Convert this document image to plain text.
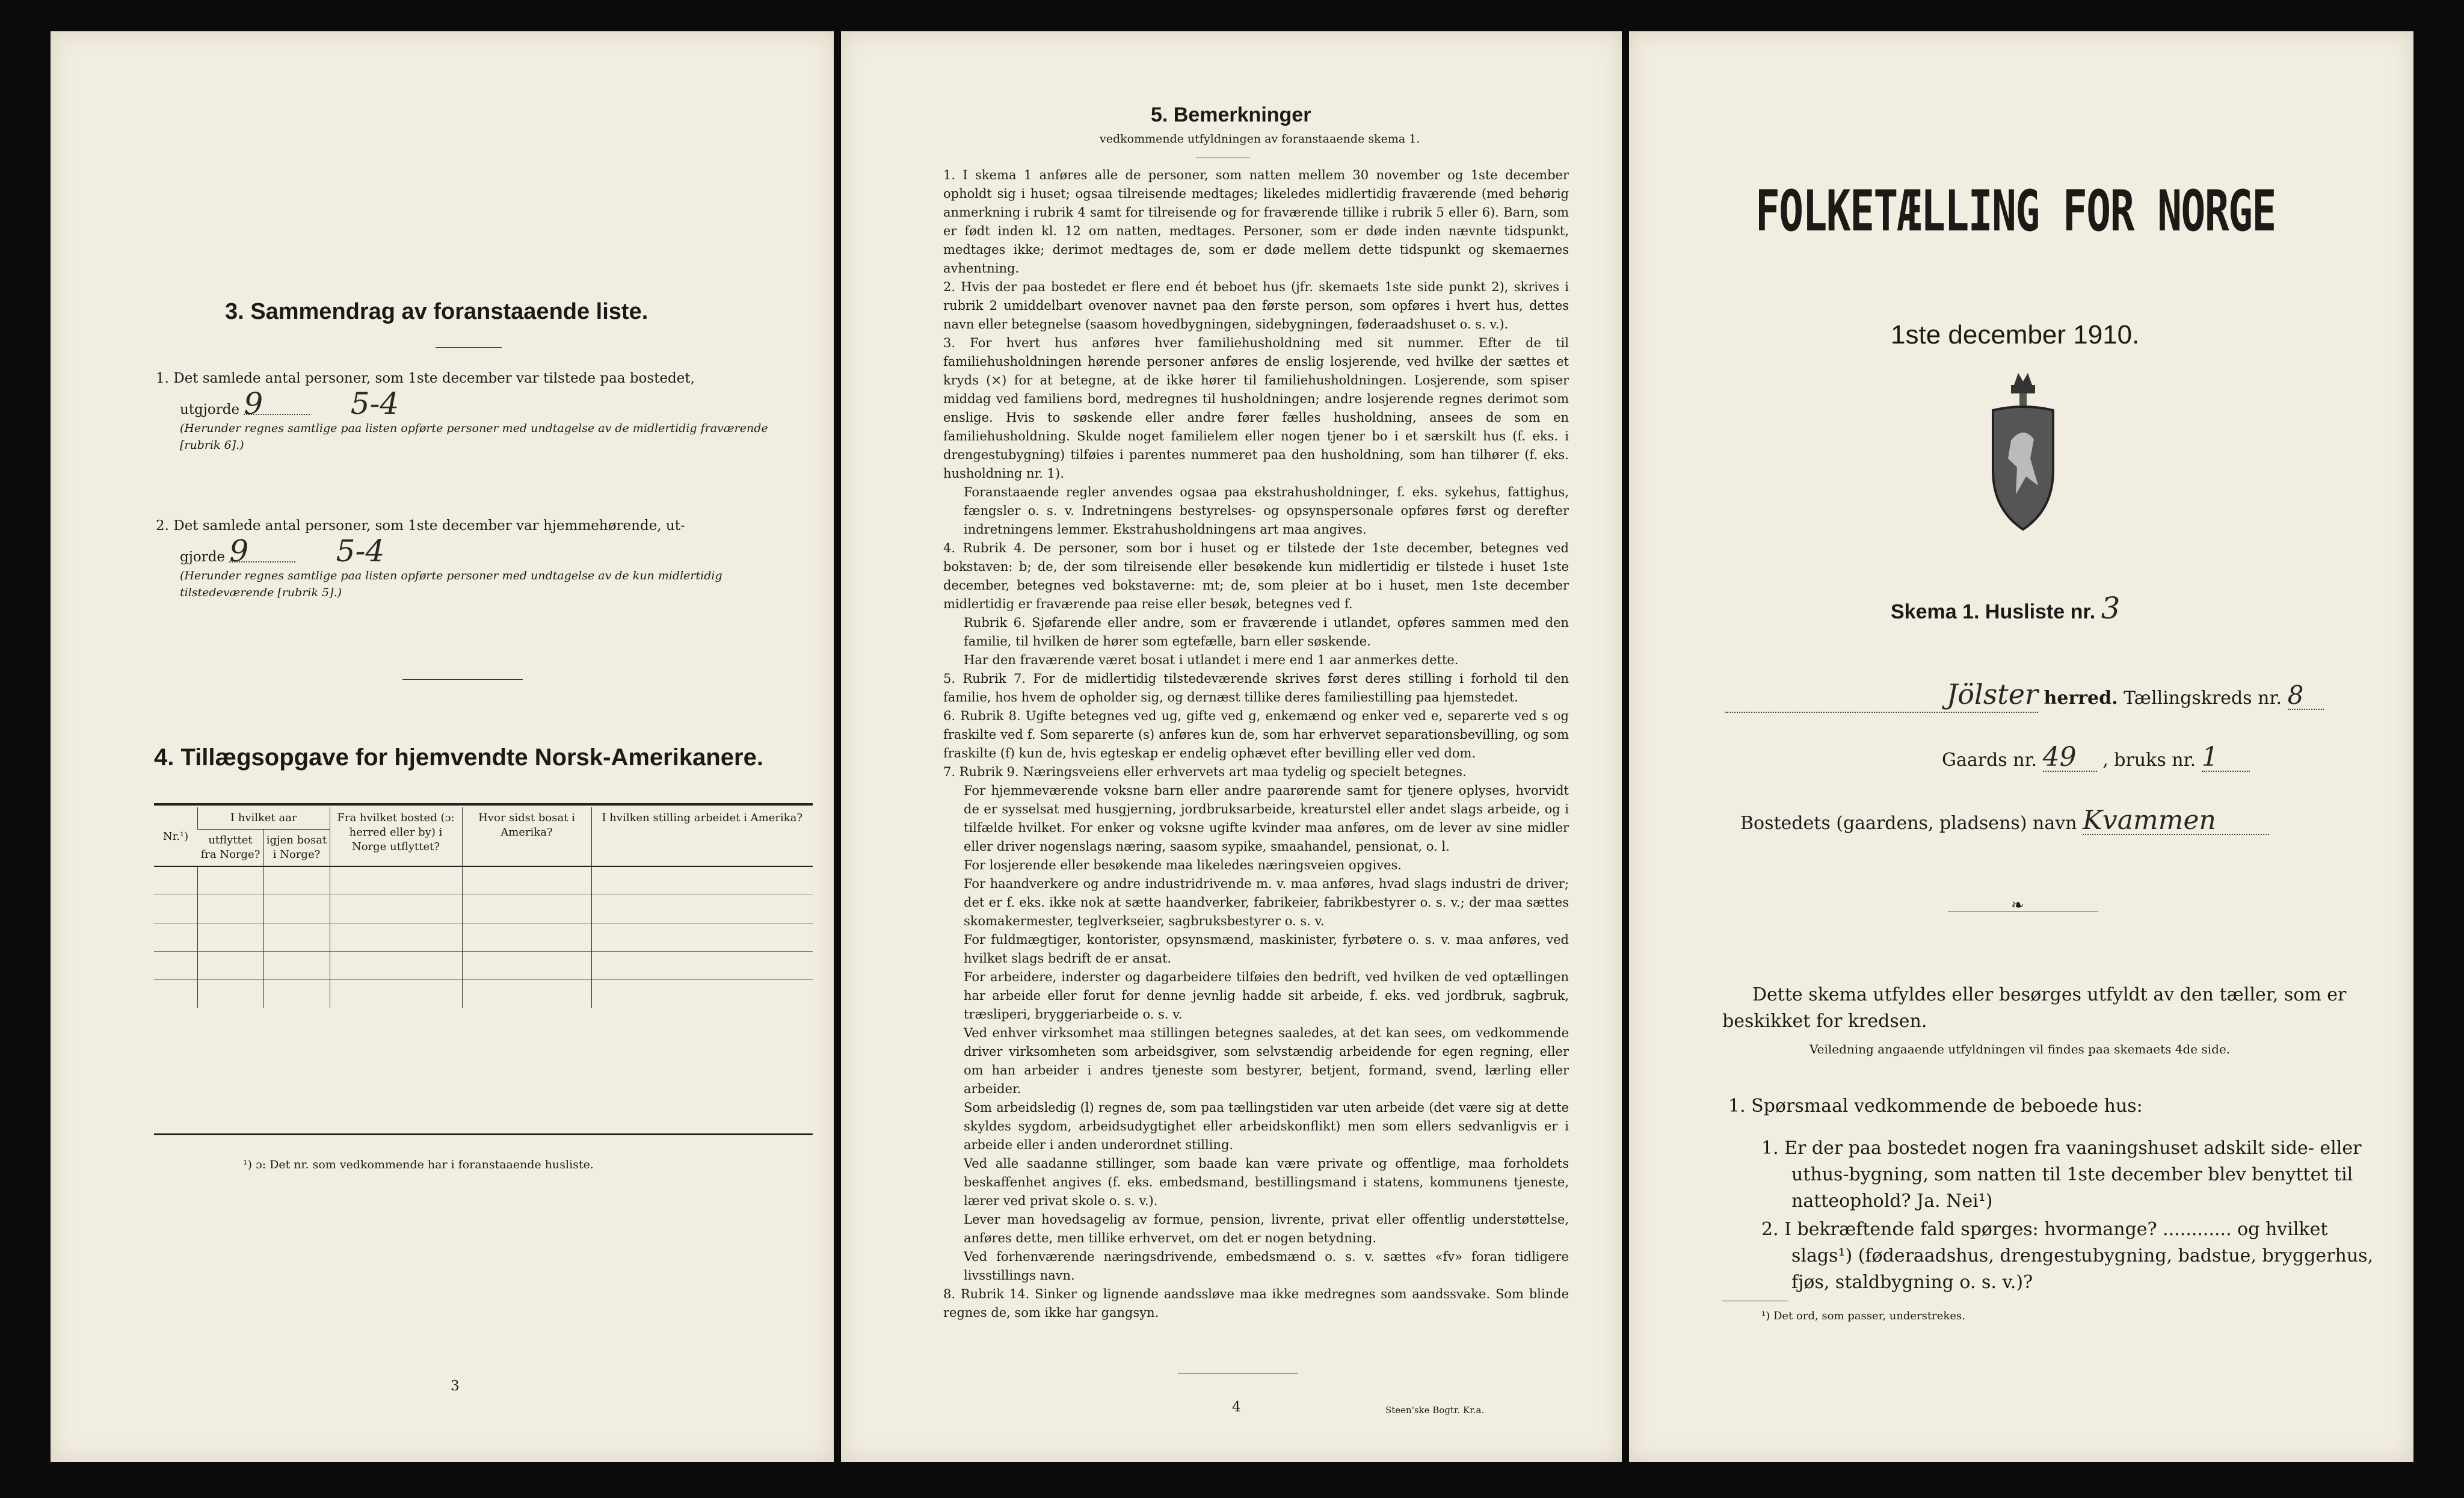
3. Sammendrag av foranstaaende liste.
1. Det samlede antal personer, som 1ste december var tilstede paa bostedet,
utgjorde 9	5-4
(Herunder regnes samtlige paa listen opførte personer med undtagelse av de midlertidig fraværende [rubrik 6].)
2. Det samlede antal personer, som 1ste december var hjemmehørende, ut-
gjorde 9	5-4
(Herunder regnes samtlige paa listen opførte personer med undtagelse av de kun midlertidig tilstedeværende [rubrik 5].)
4. Tillægsopgave for hjemvendte Norsk-Amerikanere.
Nr.¹)	I hvilket aar		Fra hvilket bosted (ɔ: herred eller by) i Norge utflyttet?	Hvor sidst bosat i Amerika?	I hvilken stilling arbeidet i Amerika?
	utflyttet fra Norge?	igjen bosat i Norge?			

¹) ɔ: Det nr. som vedkommende har i foranstaaende husliste.
3
5. Bemerkninger
vedkommende utfyldningen av foranstaaende skema 1.

1. I skema 1 anføres alle de personer, som natten mellem 30 november og 1ste december opholdt sig i huset; ogsaa tilreisende medtages; likeledes midlertidig fraværende (med behørig anmerkning i rubrik 4 samt for tilreisende og for fraværende tillike i rubrik 5 eller 6). Barn, som er født inden kl. 12 om natten, medtages. Personer, som er døde inden nævnte tidspunkt, medtages ikke; derimot medtages de, som er døde mellem dette tidspunkt og skemaernes avhentning.

2. Hvis der paa bostedet er flere end ét beboet hus (jfr. skemaets 1ste side punkt 2), skrives i rubrik 2 umiddelbart ovenover navnet paa den første person, som opføres i hvert hus, dettes navn eller betegnelse (saasom hovedbygningen, sidebygningen, føderaadshuset o. s. v.).

3. For hvert hus anføres hver familiehusholdning med sit nummer. Efter de til familiehusholdningen hørende personer anføres de enslig losjerende, ved hvilke der sættes et kryds (×) for at betegne, at de ikke hører til familiehusholdningen. Losjerende, som spiser middag ved familiens bord, medregnes til husholdningen; andre losjerende regnes derimot som enslige. Hvis to søskende eller andre fører fælles husholdning, ansees de som en familiehusholdning. Skulde noget familielem eller nogen tjener bo i et særskilt hus (f. eks. i drengestubygning) tilføies i parentes nummeret paa den husholdning, som han tilhører (f. eks. husholdning nr. 1).

Foranstaaende regler anvendes ogsaa paa ekstrahusholdninger, f. eks. sykehus, fattighus, fængsler o. s. v. Indretningens bestyrelses- og opsynspersonale opføres først og derefter indretningens lemmer. Ekstrahusholdningens art maa angives.

4. Rubrik 4. De personer, som bor i huset og er tilstede der 1ste december, betegnes ved bokstaven: b; de, der som tilreisende eller besøkende kun midlertidig er tilstede i huset 1ste december, betegnes ved bokstaverne: mt; de, som pleier at bo i huset, men 1ste december midlertidig er fraværende paa reise eller besøk, betegnes ved f.

Rubrik 6. Sjøfarende eller andre, som er fraværende i utlandet, opføres sammen med den familie, til hvilken de hører som egtefælle, barn eller søskende.

Har den fraværende været bosat i utlandet i mere end 1 aar anmerkes dette.

5. Rubrik 7. For de midlertidig tilstedeværende skrives først deres stilling i forhold til den familie, hos hvem de opholder sig, og dernæst tillike deres familiestilling paa hjemstedet.

6. Rubrik 8. Ugifte betegnes ved ug, gifte ved g, enkemænd og enker ved e, separerte ved s og fraskilte ved f. Som separerte (s) anføres kun de, som har erhvervet separationsbevilling, og som fraskilte (f) kun de, hvis egteskap er endelig ophævet efter bevilling eller ved dom.

7. Rubrik 9. Næringsveiens eller erhvervets art maa tydelig og specielt betegnes.

For hjemmeværende voksne barn eller andre paarørende samt for tjenere oplyses, hvorvidt de er sysselsat med husgjerning, jordbruksarbeide, kreaturstel eller andet slags arbeide, og i tilfælde hvilket. For enker og voksne ugifte kvinder maa anføres, om de lever av sine midler eller driver nogenslags næring, saasom sypike, smaahandel, pensionat, o. l.

For losjerende eller besøkende maa likeledes næringsveien opgives.

For haandverkere og andre industridrivende m. v. maa anføres, hvad slags industri de driver; det er f. eks. ikke nok at sætte haandverker, fabrikeier, fabrikbestyrer o. s. v.; der maa sættes skomakermester, teglverkseier, sagbruksbestyrer o. s. v.

For fuldmægtiger, kontorister, opsynsmænd, maskinister, fyrbøtere o. s. v. maa anføres, ved hvilket slags bedrift de er ansat.

For arbeidere, inderster og dagarbeidere tilføies den bedrift, ved hvilken de ved optællingen har arbeide eller forut for denne jevnlig hadde sit arbeide, f. eks. ved jordbruk, sagbruk, træsliperi, bryggeriarbeide o. s. v.

Ved enhver virksomhet maa stillingen betegnes saaledes, at det kan sees, om vedkommende driver virksomheten som arbeidsgiver, som selvstændig arbeidende for egen regning, eller om han arbeider i andres tjeneste som bestyrer, betjent, formand, svend, lærling eller arbeider.

Som arbeidsledig (l) regnes de, som paa tællingstiden var uten arbeide (det være sig at dette skyldes sygdom, arbeidsudygtighet eller arbeidskonflikt) men som ellers sedvanligvis er i arbeide eller i anden underordnet stilling.

Ved alle saadanne stillinger, som baade kan være private og offentlige, maa forholdets beskaffenhet angives (f. eks. embedsmand, bestillingsmand i statens, kommunens tjeneste, lærer ved privat skole o. s. v.).

Lever man hovedsagelig av formue, pension, livrente, privat eller offentlig understøttelse, anføres dette, men tillike erhvervet, om det er nogen betydning.

Ved forhenværende næringsdrivende, embedsmænd o. s. v. sættes «fv» foran tidligere livsstillings navn.

8. Rubrik 14. Sinker og lignende aandssløve maa ikke medregnes som aandssvake. Som blinde regnes de, som ikke har gangsyn.

4	Steen'ske Bogtr. Kr.a.
FOLKETÆLLING FOR NORGE
1ste december 1910.
Skema 1. Husliste nr. 3
Jölster herred. Tællingskreds nr. 8
Gaards nr. 49 , bruks nr. 1
Bostedets (gaardens, pladsens) navn Kvammen
❧
Dette skema utfyldes eller besørges utfyldt av den tæller, som er beskikket for kredsen.
Veiledning angaaende utfyldningen vil findes paa skemaets 4de side.
1. Spørsmaal vedkommende de beboede hus:
1. Er der paa bostedet nogen fra vaaningshuset adskilt side- eller uthus-bygning, som natten til 1ste december blev benyttet til natteophold? Ja. Nei¹)
2. I bekræftende fald spørges: hvormange? ............ og hvilket slags¹) (føderaadshus, drengestubygning, badstue, bryggerhus, fjøs, staldbygning o. s. v.)?
¹) Det ord, som passer, understrekes.
